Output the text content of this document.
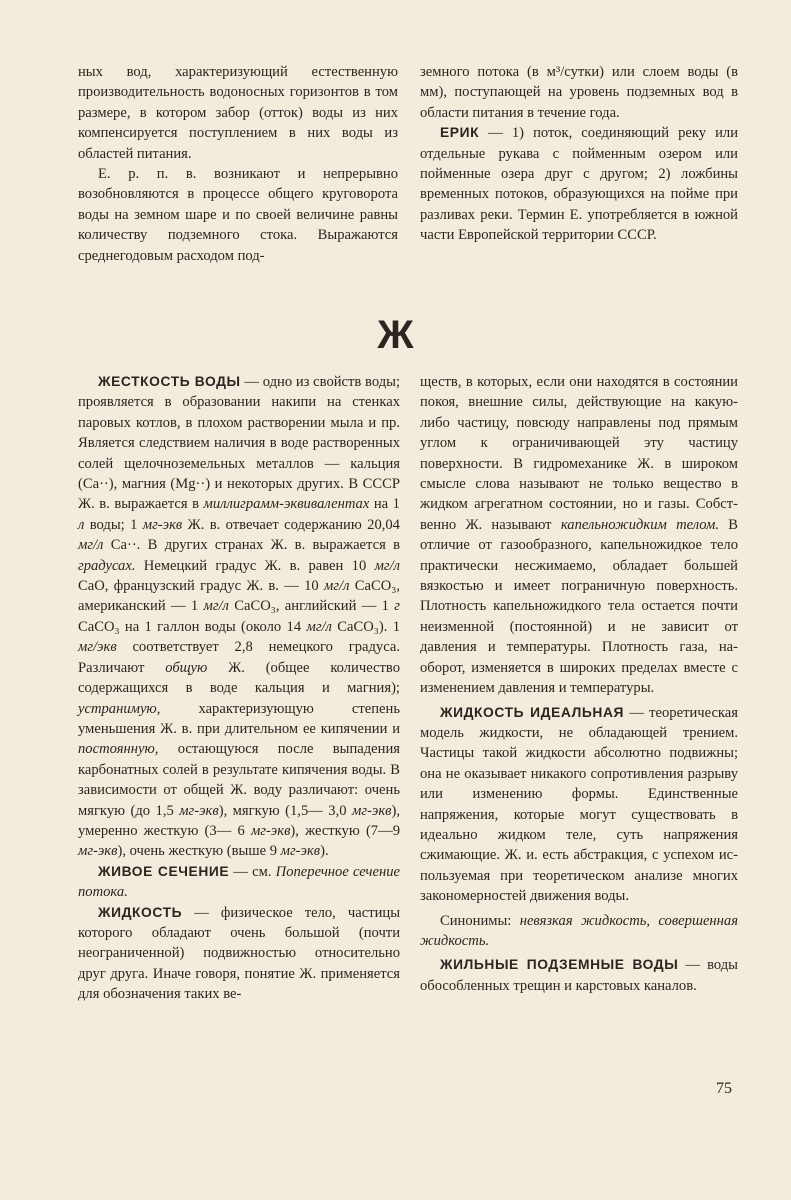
ных вод, характеризующий естественную производительность водоносных горизонтов в том размере, в котором забор (отток) воды из них компенсируется поступлением в них воды из областей питания.

Е. р. п. в. возникают и непрерывно возобновляются в процессе общего круговорота воды на земном шаре и по своей величине равны количеству подземного стока. Выражаются среднегодовым расходом под-

земного потока (в м³/сутки) или слоем воды (в мм), поступающей на уровень подземных вод в области питания в течение года.

ЕРИК — 1) поток, соединяющий реку или отдельные рукава с пойменным озером или пойменные озера друг с другом; 2) ложбины временных потоков, образующихся на пойме при разливах реки. Термин Е. употребляется в южной части Европейской территории СССР.

Ж

ЖЕСТКОСТЬ ВОДЫ — одно из свойств воды; проявляется в образовании накипи на стенках паровых котлов, в плохом растворении мыла и пр. Является следствием наличия в воде растворенных солей щелочноземельных металлов — кальция (Са··), магния (Mg··) и некоторых других. В СССР Ж. в. выражается в миллиграмм-эквивалентах на 1 л воды; 1 мг-экв Ж. в. отвечает содержанию 20,04 мг/л Са··. В других странах Ж. в. выражается в градусах. Немецкий градус Ж. в. равен 10 мг/л СаО, французский градус Ж. в. — 10 мг/л СаСО₃, американский — 1 мг/л СаСО₃, английский — 1 г СаСО₃ на 1 галлон воды (около 14 мг/л СаСО₃). 1 мг/экв соответствует 2,8 немецкого градуса. Различают общую Ж. (общее количество содержащихся в воде кальция и магния); устранимую, характеризующую степень уменьшения Ж. в. при длительном ее кипячении и постоянную, остающуюся после выпадения карбонатных солей в результате кипячения воды. В зависимости от общей Ж. воду различают: очень мягкую (до 1,5 мг-экв), мягкую (1,5— 3,0 мг-экв), умеренно жесткую (3— 6 мг-экв), жесткую (7—9 мг-экв), очень жесткую (выше 9 мг-экв).

ЖИВОЕ СЕЧЕНИЕ — см. Поперечное сечение потока.

ЖИДКОСТЬ — физическое тело, частицы которого обладают очень большой (почти неограниченной) подвижностью относительно друг друга. Иначе говоря, понятие Ж. применяется для обозначения таких ве-

ществ, в которых, если они находятся в состоянии покоя, внешние силы, действующие на какую-либо частицу, повсюду направлены под прямым углом к ограничивающей эту частицу поверхности. В гидромеханике Ж. в широком смысле слова называют не только вещество в жидком агрегатном состоянии, но и газы. Собственно Ж. называют капельножидким телом. В отличие от газообразного, капельножидкое тело практически несжимаемо, обладает большей вязкостью и имеет пограничную поверхность. Плотность капельножидкого тела остается почти неизменной (постоянной) и не зависит от давления и температуры. Плотность газа, наоборот, изменяется в широких пределах вместе с изменением давления и температуры.

ЖИДКОСТЬ ИДЕАЛЬНАЯ — теоретическая модель жидкости, не обладающей трением. Частицы такой жидкости абсолютно подвижны; она не оказывает никакого сопротивления разрыву или изменению формы. Единственные напряжения, которые могут существовать в идеально жидком теле, суть напряжения сжимающие. Ж. и. есть абстракция, с успехом используемая при теоретическом анализе многих закономерностей движения воды.

Синонимы: невязкая жидкость, совершенная жидкость.

ЖИЛЬНЫЕ ПОДЗЕМНЫЕ ВОДЫ — воды обособленных трещин и карстовых каналов.

75
